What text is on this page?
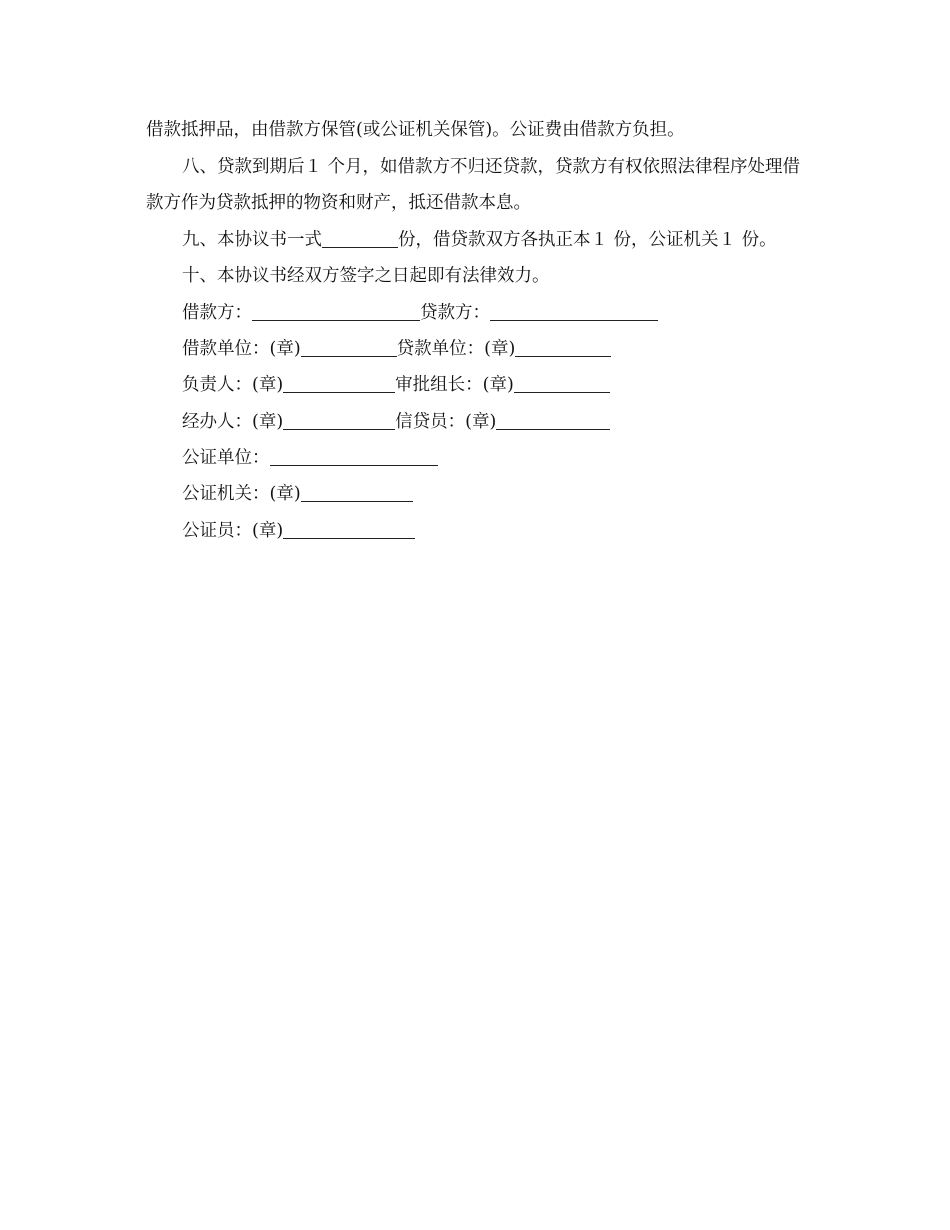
借款抵押品，由借款方保管(或公证机关保管)。公证费由借款方负担。

八、贷款到期后１ 个月，如借款方不归还贷款，贷款方有权依照法律程序处理借款方作为贷款抵押的物资和财产，抵还借款本息。

九、本协议书一式	份，借贷款双方各执正本１ 份，公证机关１ 份。

十、本协议书经双方签字之日起即有法律效力。

借款方：	贷款方：

借款单位：(章)	贷款单位：(章)

负责人：(章)	审批组长：(章)

经办人：(章)	信贷员：(章)

公证单位：

公证机关：(章)

公证员：(章)
